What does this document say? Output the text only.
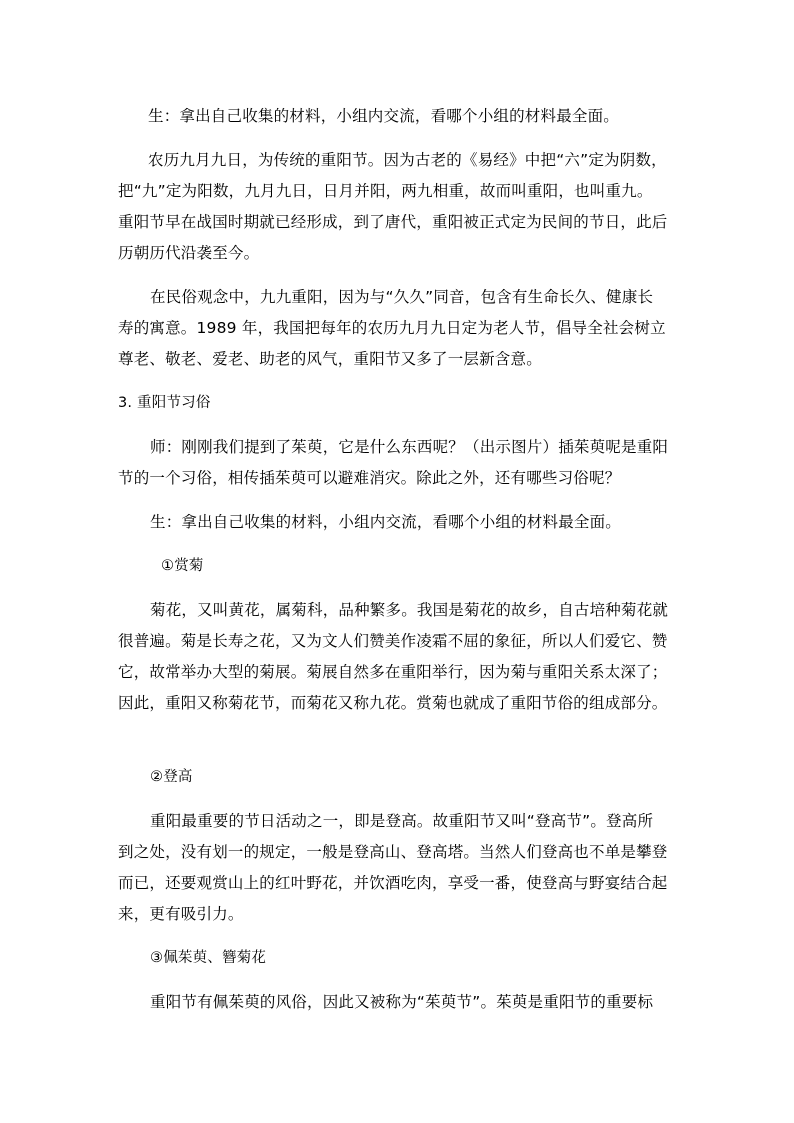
生：拿出自己收集的材料，小组内交流，看哪个小组的材料最全面。
农历九月九日，为传统的重阳节。因为古老的《易经》中把“六”定为阴数，
把“九”定为阳数，九月九日，日月并阳，两九相重，故而叫重阳，也叫重九。
重阳节早在战国时期就已经形成，到了唐代，重阳被正式定为民间的节日，此后
历朝历代沿袭至今。
在民俗观念中，九九重阳，因为与“久久”同音，包含有生命长久、健康长
寿的寓意。1989 年，我国把每年的农历九月九日定为老人节，倡导全社会树立
尊老、敬老、爱老、助老的风气，重阳节又多了一层新含意。
3. 重阳节习俗
师：刚刚我们提到了茱萸，它是什么东西呢？（出示图片）插茱萸呢是重阳
节的一个习俗，相传插茱萸可以避难消灾。除此之外，还有哪些习俗呢？
生：拿出自己收集的材料，小组内交流，看哪个小组的材料最全面。
①赏菊
菊花，又叫黄花，属菊科，品种繁多。我国是菊花的故乡，自古培种菊花就
很普遍。菊是长寿之花，又为文人们赞美作凌霜不屈的象征，所以人们爱它、赞
它，故常举办大型的菊展。菊展自然多在重阳举行，因为菊与重阳关系太深了；
因此，重阳又称菊花节，而菊花又称九花。赏菊也就成了重阳节俗的组成部分。
②登高
重阳最重要的节日活动之一，即是登高。故重阳节又叫“登高节”。登高所
到之处，没有划一的规定，一般是登高山、登高塔。当然人们登高也不单是攀登
而已，还要观赏山上的红叶野花，并饮酒吃肉，享受一番，使登高与野宴结合起
来，更有吸引力。
③佩茱萸、簪菊花
重阳节有佩茱萸的风俗，因此又被称为“茱萸节”。茱萸是重阳节的重要标
